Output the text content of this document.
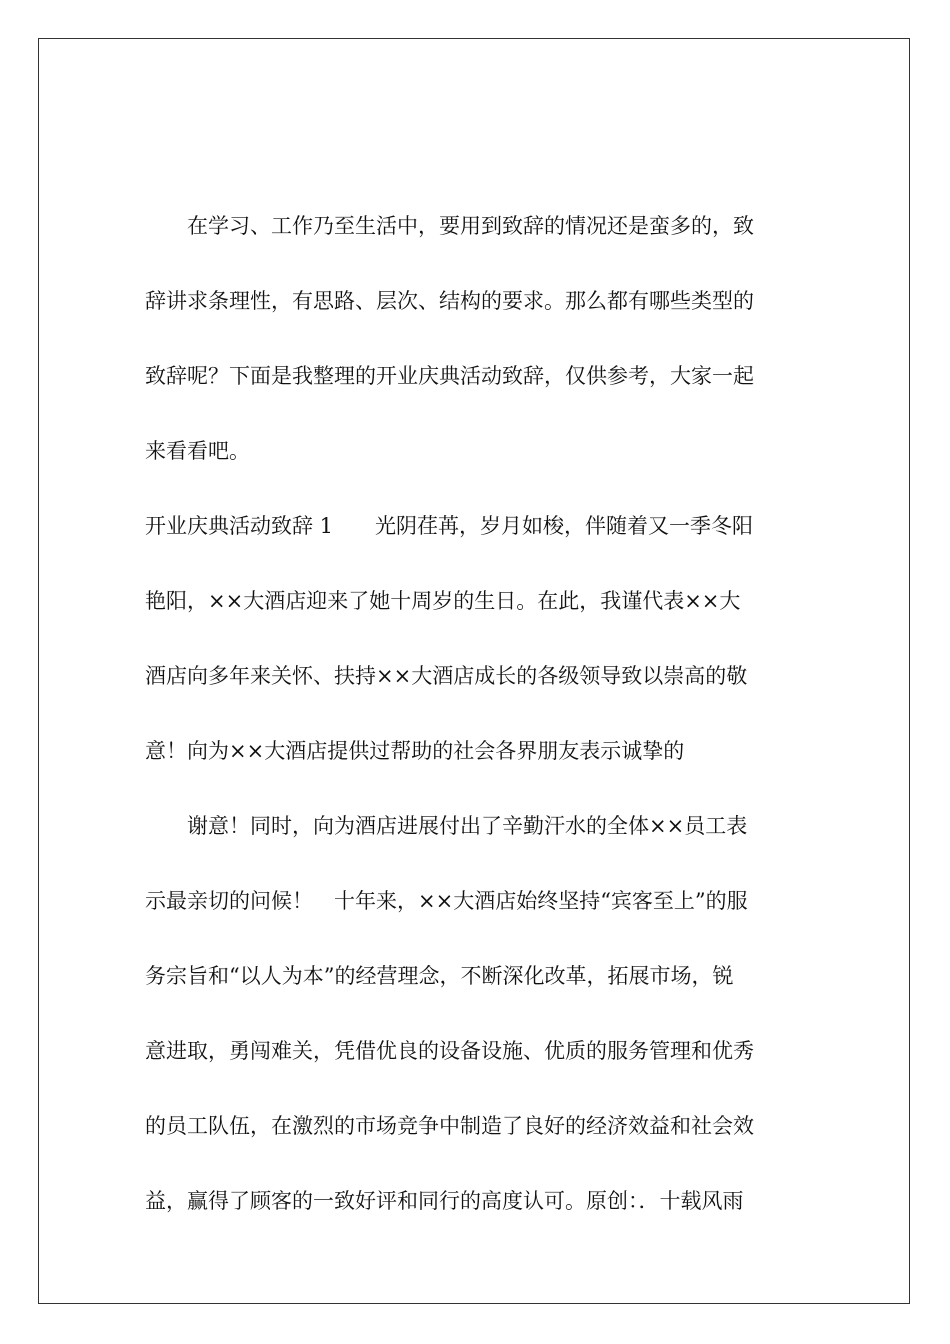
在学习、工作乃至生活中，要用到致辞的情况还是蛮多的，致

辞讲求条理性，有思路、层次、结构的要求。那么都有哪些类型的

致辞呢？下面是我整理的开业庆典活动致辞，仅供参考，大家一起

来看看吧。

开业庆典活动致辞 1　　光阴荏苒，岁月如梭，伴随着又一季冬阳

艳阳，××大酒店迎来了她十周岁的生日。在此，我谨代表××大

酒店向多年来关怀、扶持××大酒店成长的各级领导致以崇高的敬

意！向为××大酒店提供过帮助的社会各界朋友表示诚挚的

谢意！同时，向为酒店进展付出了辛勤汗水的全体××员工表

示最亲切的问候！　十年来，××大酒店始终坚持“宾客至上”的服

务宗旨和“以人为本”的经营理念，不断深化改革，拓展市场，锐

意进取，勇闯难关，凭借优良的设备设施、优质的服务管理和优秀

的员工队伍，在激烈的市场竞争中制造了良好的经济效益和社会效

益，赢得了顾客的一致好评和同行的高度认可。原创：．十载风雨
